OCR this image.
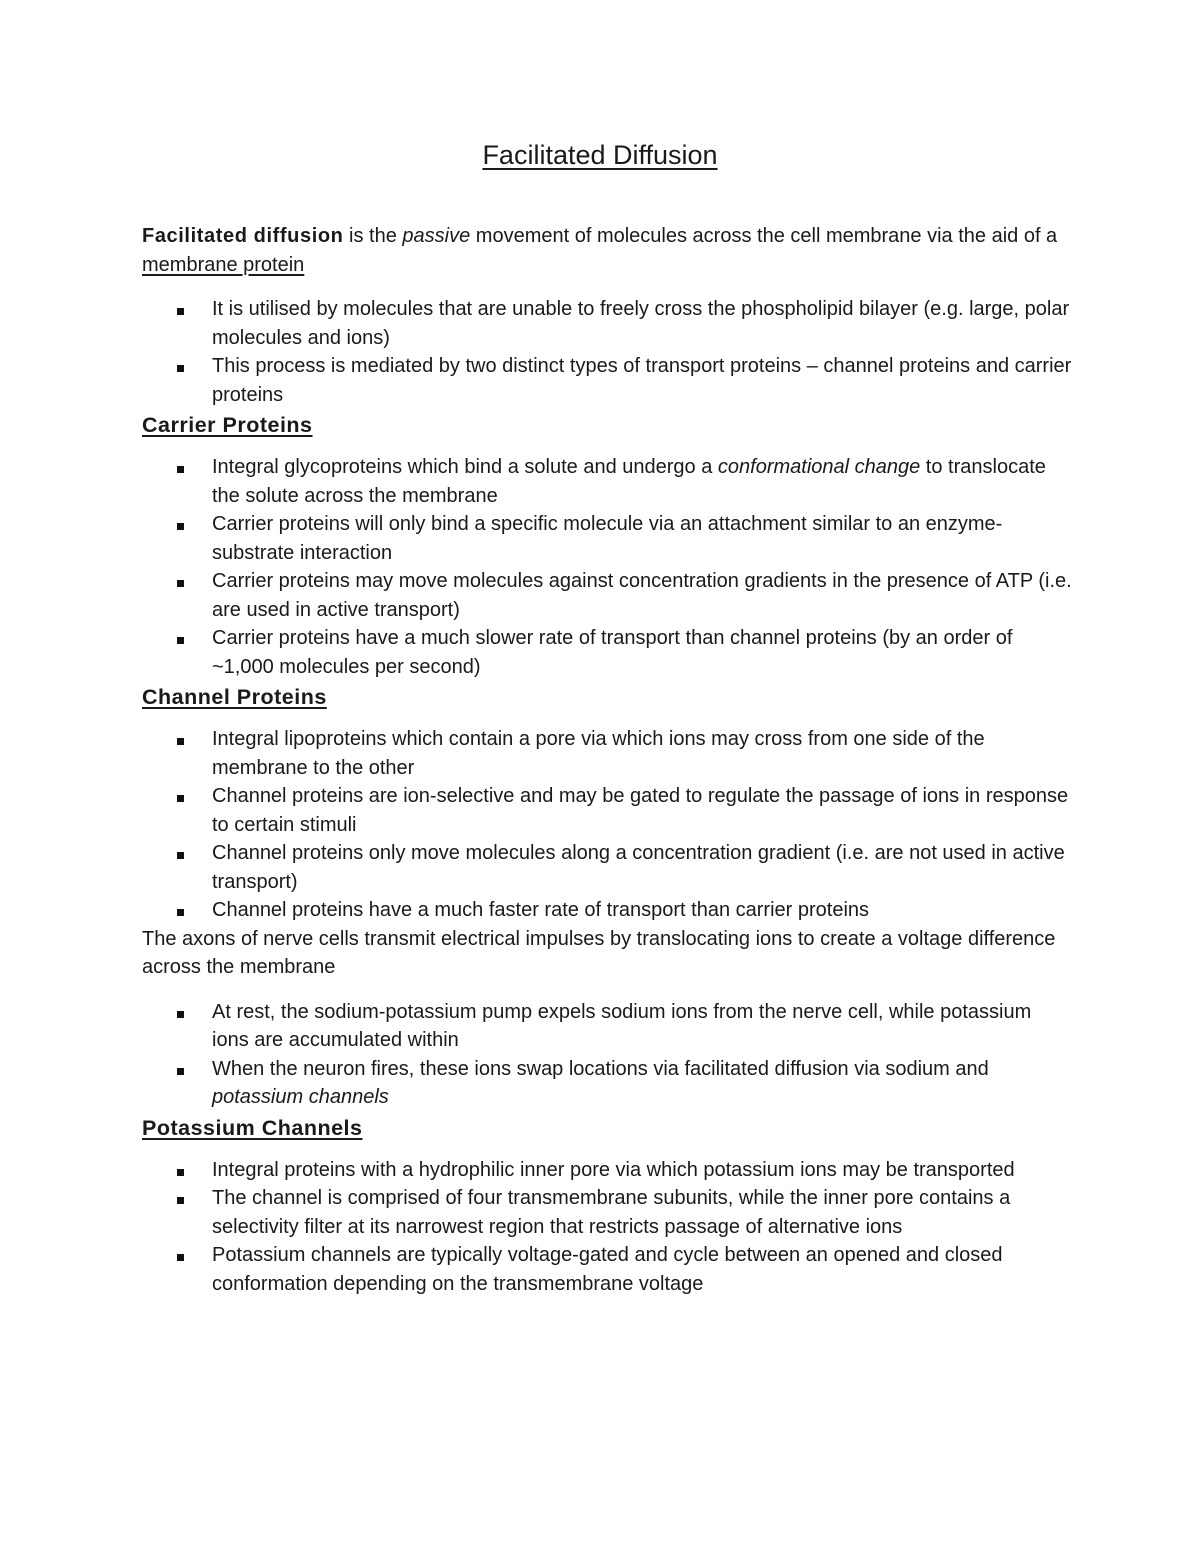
Facilitated Diffusion

Facilitated diffusion is the passive movement of molecules across the cell membrane via the aid of a membrane protein

It is utilised by molecules that are unable to freely cross the phospholipid bilayer (e.g. large, polar molecules and ions)
This process is mediated by two distinct types of transport proteins – channel proteins and carrier proteins
Carrier Proteins
Integral glycoproteins which bind a solute and undergo a conformational change to translocate the solute across the membrane
Carrier proteins will only bind a specific molecule via an attachment similar to an enzyme-substrate interaction
Carrier proteins may move molecules against concentration gradients in the presence of ATP (i.e. are used in active transport)
Carrier proteins have a much slower rate of transport than channel proteins (by an order of ~1,000 molecules per second)
Channel Proteins
Integral lipoproteins which contain a pore via which ions may cross from one side of the membrane to the other
Channel proteins are ion-selective and may be gated to regulate the passage of ions in response to certain stimuli
Channel proteins only move molecules along a concentration gradient (i.e. are not used in active transport)
Channel proteins have a much faster rate of transport than carrier proteins

The axons of nerve cells transmit electrical impulses by translocating ions to create a voltage difference across the membrane

At rest, the sodium-potassium pump expels sodium ions from the nerve cell, while potassium ions are accumulated within
When the neuron fires, these ions swap locations via facilitated diffusion via sodium and potassium channels
Potassium Channels
Integral proteins with a hydrophilic inner pore via which potassium ions may be transported
The channel is comprised of four transmembrane subunits, while the inner pore contains a selectivity filter at its narrowest region that restricts passage of alternative ions
Potassium channels are typically voltage-gated and cycle between an opened and closed conformation depending on the transmembrane voltage
